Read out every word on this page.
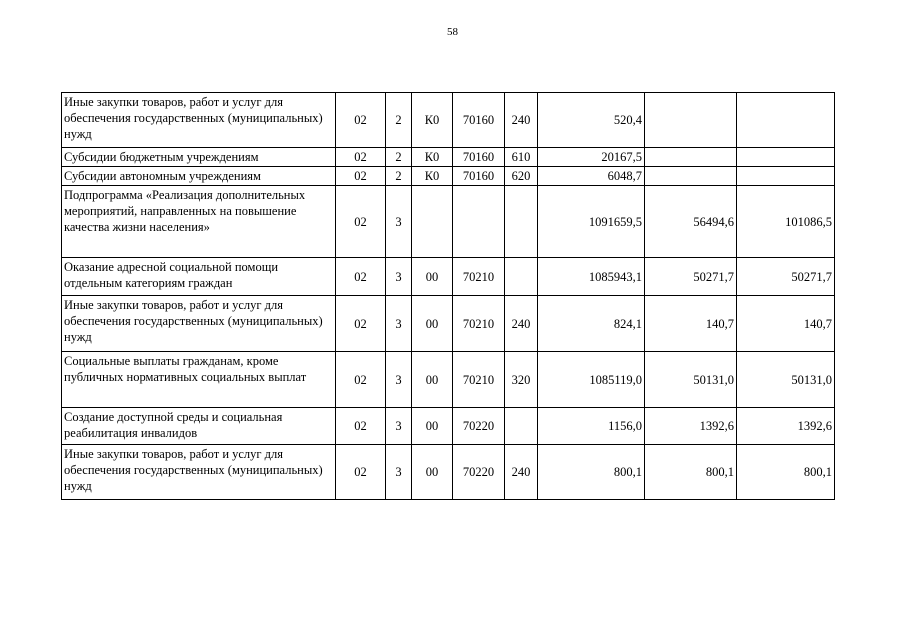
58
Иные закупки товаров, работ и услуг для обеспечения государственных (муниципальных) нужд	02	2	К0	70160	240	520,4		
Субсидии бюджетным учреждениям	02	2	К0	70160	610	20167,5		
Субсидии автономным учреждениям	02	2	К0	70160	620	6048,7		
Подпрограмма «Реализация дополнительных мероприятий, направленных на повышение качества жизни населения»	02	3				1091659,5	56494,6	101086,5
Оказание адресной социальной помощи отдельным категориям граждан	02	3	00	70210		1085943,1	50271,7	50271,7
Иные закупки товаров, работ и услуг для обеспечения государственных (муниципальных) нужд	02	3	00	70210	240	824,1	140,7	140,7
Социальные выплаты гражданам, кроме публичных нормативных социальных выплат	02	3	00	70210	320	1085119,0	50131,0	50131,0
Создание доступной среды и социальная реабилитация инвалидов	02	3	00	70220		1156,0	1392,6	1392,6
Иные закупки товаров, работ и услуг для обеспечения государственных (муниципальных) нужд	02	3	00	70220	240	800,1	800,1	800,1
